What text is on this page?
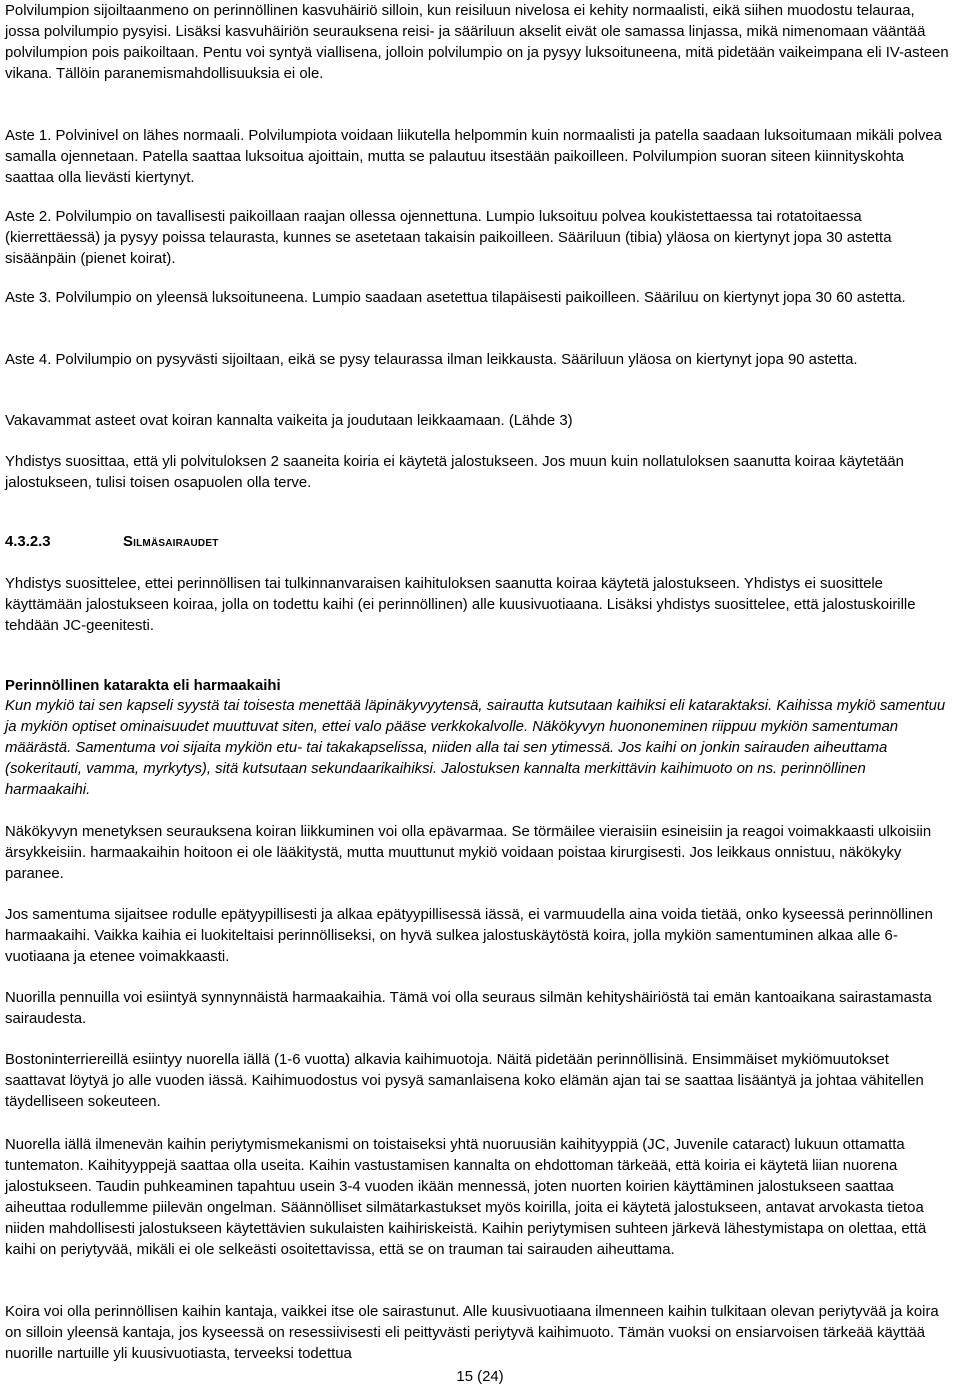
Polvilumpion sijoiltaanmeno on perinnöllinen kasvuhäiriö silloin, kun reisiluun nivelosa ei kehity normaalisti, eikä siihen muodostu telauraa, jossa polvilumpio pysyisi. Lisäksi kasvuhäiriön seurauksena reisi- ja sääriluun akselit eivät ole samassa linjassa, mikä nimenomaan vääntää polvilumpion pois paikoiltaan. Pentu voi syntyä viallisena, jolloin polvilumpio on ja pysyy luksoituneena, mitä pidetään vaikeimpana eli IV-asteen vikana. Tällöin paranemismahdollisuuksia ei ole.

Aste 1. Polvinivel on lähes normaali. Polvilumpiota voidaan liikutella helpommin kuin normaalisti ja patella saadaan luksoitumaan mikäli polvea samalla ojennetaan. Patella saattaa luksoitua ajoittain, mutta se palautuu itsestään paikoilleen. Polvilumpion suoran siteen kiinnityskohta saattaa olla lievästi kiertynyt.

Aste 2. Polvilumpio on tavallisesti paikoillaan raajan ollessa ojennettuna. Lumpio luksoituu polvea koukistettaessa tai rotatoitaessa (kierrettäessä) ja pysyy poissa telaurasta, kunnes se asetetaan takaisin paikoilleen. Sääriluun (tibia) yläosa on kiertynyt jopa 30 astetta sisäänpäin (pienet koirat).

Aste 3. Polvilumpio on yleensä luksoituneena. Lumpio saadaan asetettua tilapäisesti paikoilleen. Sääriluu on kiertynyt jopa 30 60 astetta.

Aste 4. Polvilumpio on pysyvästi sijoiltaan, eikä se pysy telaurassa ilman leikkausta. Sääriluun yläosa on kiertynyt jopa 90 astetta.

Vakavammat asteet ovat koiran kannalta vaikeita ja joudutaan leikkaamaan. (Lähde 3)

Yhdistys suosittaa, että yli polvituloksen 2 saaneita koiria ei käytetä jalostukseen. Jos muun kuin nollatuloksen saanutta koiraa käytetään jalostukseen, tulisi toisen osapuolen olla terve.

4.3.2.3	Silmäsairaudet

Yhdistys suosittelee, ettei perinnöllisen tai tulkinnanvaraisen kaihituloksen saanutta koiraa käytetä jalostukseen. Yhdistys ei suosittele käyttämään jalostukseen koiraa, jolla on todettu kaihi (ei perinnöllinen) alle kuusivuotiaana. Lisäksi yhdistys suosittelee, että jalostuskoirille tehdään JC-geenitesti.

Perinnöllinen katarakta eli harmaakaihi

Kun mykiö tai sen kapseli syystä tai toisesta menettää läpinäkyvyytensä, sairautta kutsutaan kaihiksi eli kataraktaksi. Kaihissa mykiö samentuu ja mykiön optiset ominaisuudet muuttuvat siten, ettei valo pääse verkkokalvolle. Näkökyvyn huononeminen riippuu mykiön samentuman määrästä. Samentuma voi sijaita mykiön etu- tai takakapselissa, niiden alla tai sen ytimessä. Jos kaihi on jonkin sairauden aiheuttama (sokeritauti, vamma, myrkytys), sitä kutsutaan sekundaarikaihiksi. Jalostuksen kannalta merkittävin kaihimuoto on ns. perinnöllinen harmaakaihi.

Näkökyvyn menetyksen seurauksena koiran liikkuminen voi olla epävarmaa. Se törmäilee vieraisiin esineisiin ja reagoi voimakkaasti ulkoisiin ärsykkeisiin. harmaakaihin hoitoon ei ole lääkitystä, mutta muuttunut mykiö voidaan poistaa kirurgisesti. Jos leikkaus onnistuu, näkökyky paranee.

Jos samentuma sijaitsee rodulle epätyypillisesti ja alkaa epätyypillisessä iässä, ei varmuudella aina voida tietää, onko kyseessä perinnöllinen harmaakaihi. Vaikka kaihia ei luokiteltaisi perinnölliseksi, on hyvä sulkea jalostuskäytöstä koira, jolla mykiön samentuminen alkaa alle 6-vuotiaana ja etenee voimakkaasti.

Nuorilla pennuilla voi esiintyä synnynnäistä harmaakaihia. Tämä voi olla seuraus silmän kehityshäiriöstä tai emän kantoaikana sairastamasta sairaudesta.

Bostoninterriereillä esiintyy nuorella iällä (1-6 vuotta) alkavia kaihimuotoja. Näitä pidetään perinnöllisinä. Ensimmäiset mykiömuutokset saattavat löytyä jo alle vuoden iässä. Kaihimuodostus voi pysyä samanlaisena koko elämän ajan tai se saattaa lisääntyä ja johtaa vähitellen täydelliseen sokeuteen.

Nuorella iällä ilmenevän kaihin periytymismekanismi on toistaiseksi yhtä nuoruusiän kaihityyppiä (JC, Juvenile cataract) lukuun ottamatta tuntematon. Kaihityyppejä saattaa olla useita. Kaihin vastustamisen kannalta on ehdottoman tärkeää, että koiria ei käytetä liian nuorena jalostukseen. Taudin puhkeaminen tapahtuu usein 3-4 vuoden ikään mennessä, joten nuorten koirien käyttäminen jalostukseen saattaa aiheuttaa rodullemme piilevän ongelman. Säännölliset silmätarkastukset myös koirilla, joita ei käytetä jalostukseen, antavat arvokasta tietoa niiden mahdollisesti jalostukseen käytettävien sukulaisten kaihiriskeistä. Kaihin periytymisen suhteen järkevä lähestymistapa on olettaa, että kaihi on periytyvää, mikäli ei ole selkeästi osoitettavissa, että se on trauman tai sairauden aiheuttama.

Koira voi olla perinnöllisen kaihin kantaja, vaikkei itse ole sairastunut. Alle kuusivuotiaana ilmenneen kaihin tulkitaan olevan periytyvää ja koira on silloin yleensä kantaja, jos kyseessä on resessiivisesti eli peittyvästi periytyvä kaihimuoto. Tämän vuoksi on ensiarvoisen tärkeää käyttää nuorille nartuille yli kuusivuotiasta, terveeksi todettua

15 (24)
